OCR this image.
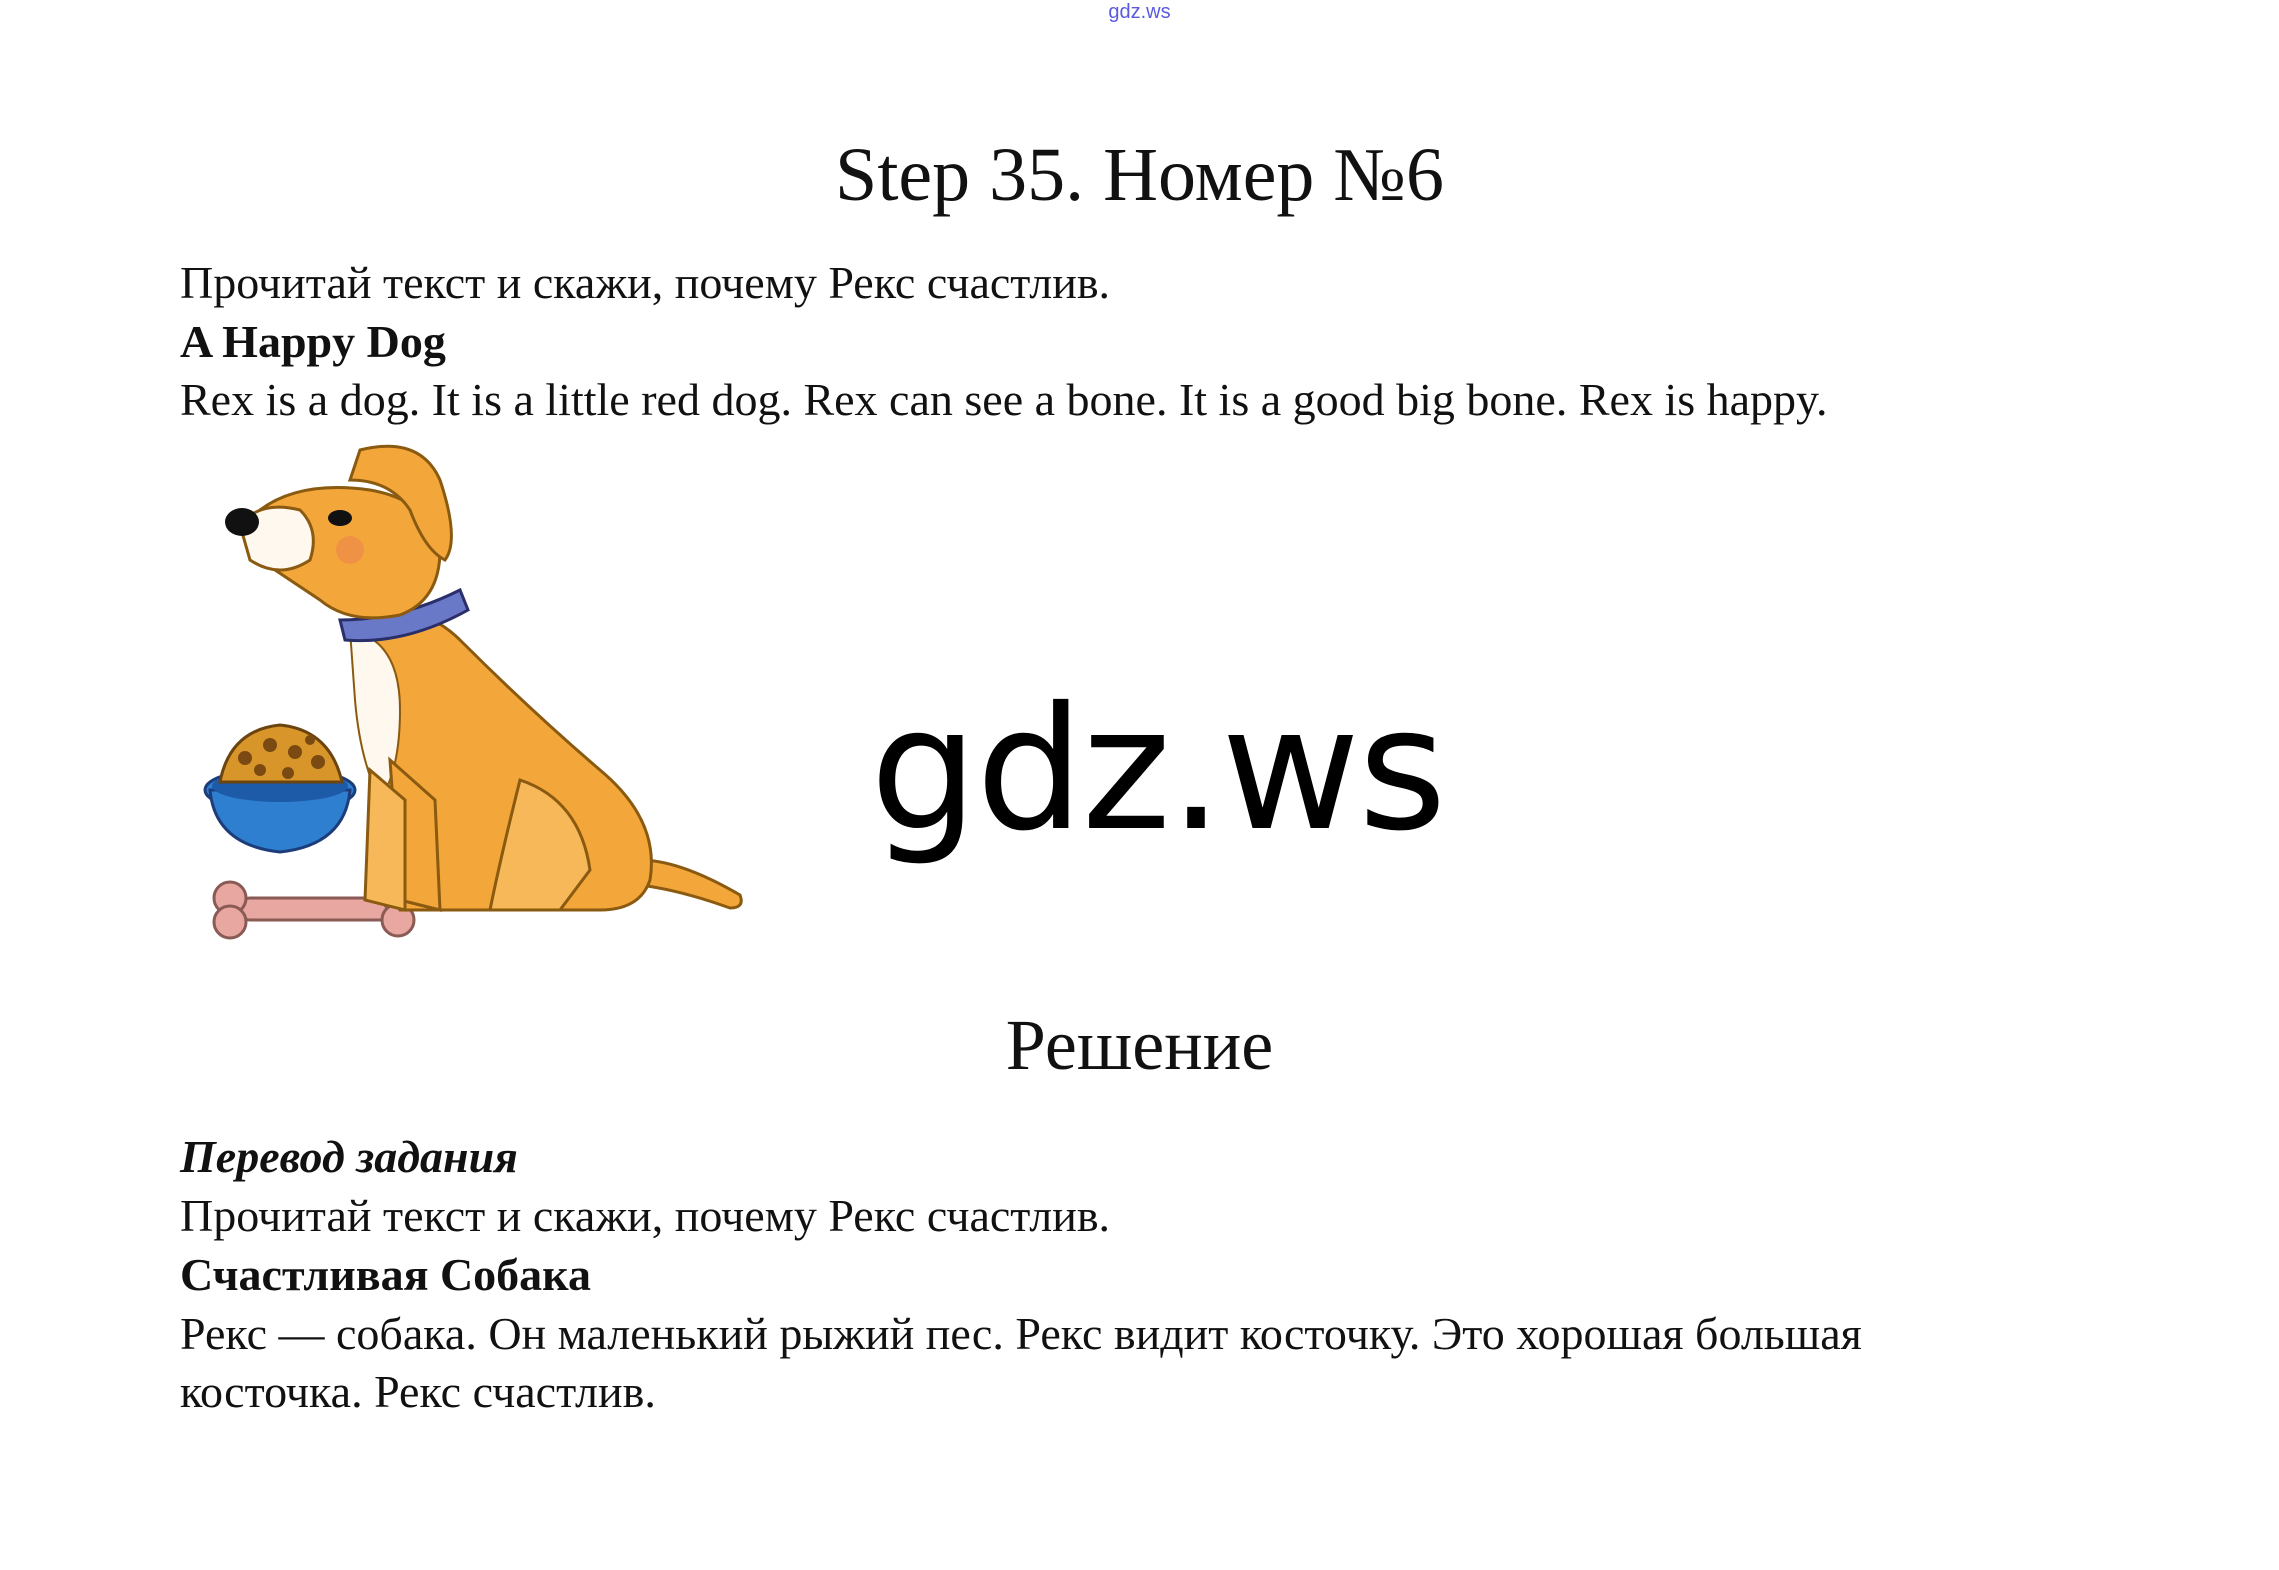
gdz.ws
Step 35. Номер №6
Прочитай текст и скажи, почему Рекс счастлив.
A Happy Dog
Rex is a dog. It is a little red dog. Rex can see a bone. It is a good big bone. Rex is happy.
gdz.ws
Решение
Перевод задания
Прочитай текст и скажи, почему Рекс счастлив.
Счастливая Собака
Рекс — собака. Он маленький рыжий пес. Рекс видит косточку. Это хорошая большая
косточка. Рекс счастлив.
